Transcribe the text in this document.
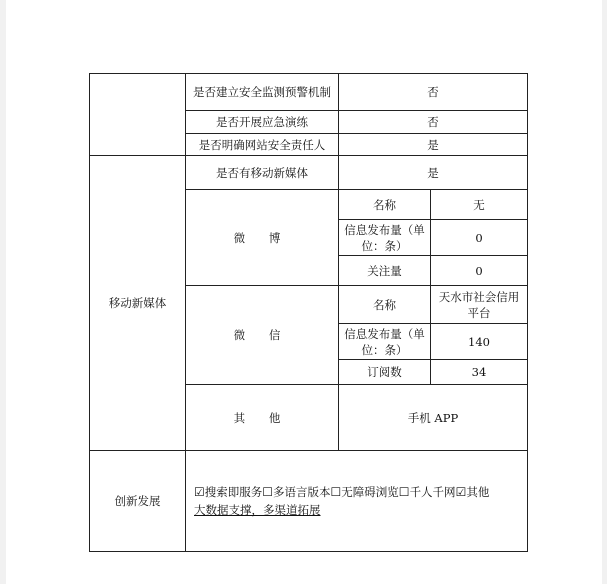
	是否建立安全监测预警机制	否	
	是否开展应急演练	否	
	是否明确网站安全责任人	是	
移动新媒体	是否有移动新媒体	是	
	微 博	名称	无
		信息发布量（单位：条）	0
		关注量	0
	微 信	名称	天水市社会信用平台
		信息发布量（单位：条）	140
		订阅数	34
	其 他	手机 APP	

创新发展	☑搜索即服务☐多语言版本☐无障碍浏览☐千人千网☑其他
大数据支撑，多渠道拓展		
